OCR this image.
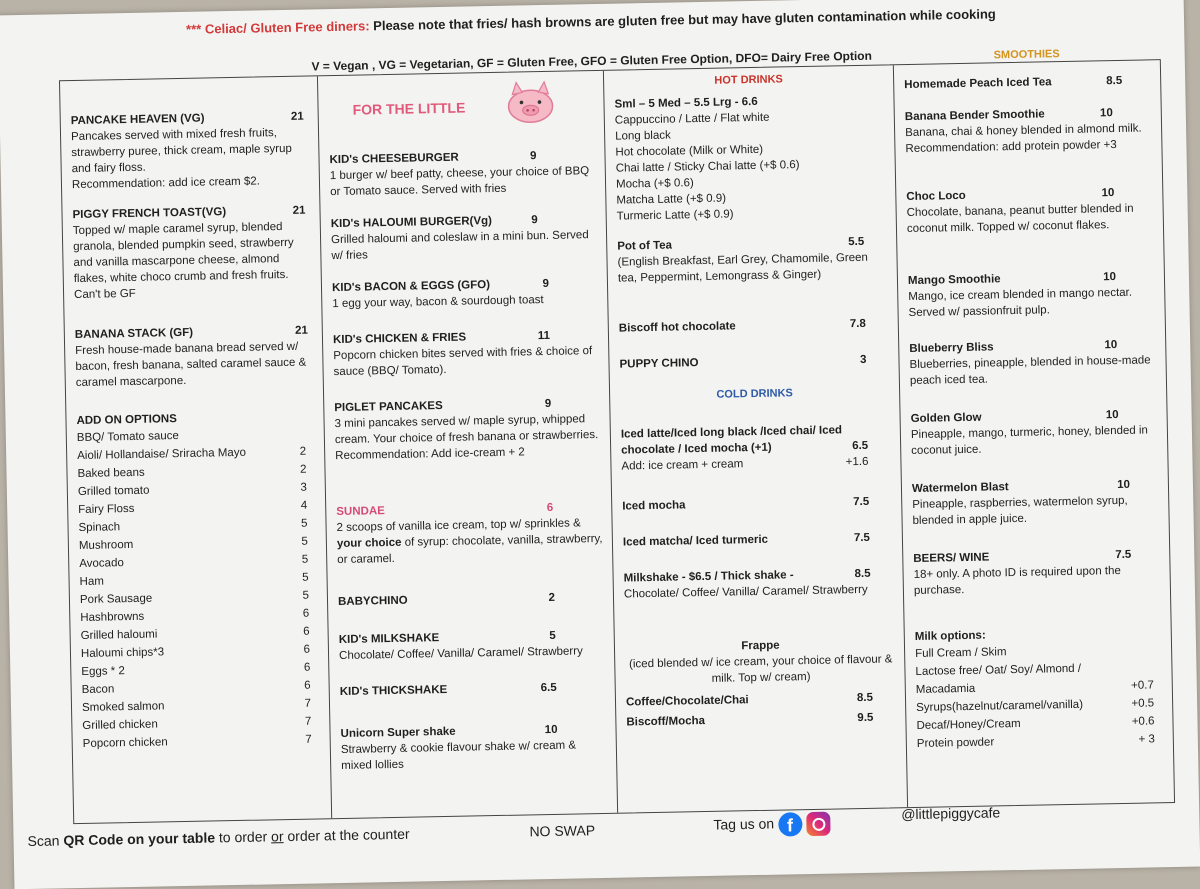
*** Celiac/ Gluten Free diners: Please note that fries/ hash browns are gluten free but may have gluten contamination while cooking
V = Vegan , VG = Vegetarian, GF = Gluten Free, GFO = Gluten Free Option, DFO= Dairy Free Option
PANCAKE HEAVEN (VG)	21
Pancakes served with mixed fresh fruits, strawberry puree, thick cream, maple syrup and fairy floss.
Recommendation: add ice cream $2.
PIGGY FRENCH TOAST(VG)	21
Topped w/ maple caramel syrup, blended granola, blended pumpkin seed, strawberry and vanilla mascarpone cheese, almond flakes, white choco crumb and fresh fruits.
Can't be GF
BANANA STACK (GF)	21
Fresh house-made banana bread served w/ bacon, fresh banana, salted caramel sauce & caramel mascarpone.
ADD ON OPTIONS
BBQ/ Tomato sauce
Aioli/ Hollandaise/ Sriracha Mayo	2
Baked beans	2
Grilled tomato	3
Fairy Floss	4
Spinach	5
Mushroom	5
Avocado	5
Ham	5
Pork Sausage	5
Hashbrowns	6
Grilled haloumi	6
Haloumi chips*3	6
Eggs * 2	6
Bacon	6
Smoked salmon	7
Grilled chicken	7
Popcorn chicken	7
FOR THE LITTLE
KID's CHEESEBURGER	9
1 burger w/ beef patty, cheese, your choice of BBQ or Tomato sauce. Served with fries
KID's HALOUMI BURGER(Vg)	9
Grilled haloumi and coleslaw in a mini bun. Served w/ fries
KID's BACON & EGGS (GFO)	9
1 egg your way, bacon & sourdough toast
KID's CHICKEN & FRIES	11
Popcorn chicken bites served with fries & choice of sauce (BBQ/ Tomato).
PIGLET PANCAKES	9
3 mini pancakes served w/ maple syrup, whipped cream. Your choice of fresh banana or strawberries. Recommendation: Add ice-cream + 2
SUNDAE	6
2 scoops of vanilla ice cream, top w/ sprinkles & your choice of syrup: chocolate, vanilla, strawberry, or caramel.
BABYCHINO	2
KID's MILKSHAKE	5
Chocolate/ Coffee/ Vanilla/ Caramel/ Strawberry
KID's THICKSHAKE	6.5
Unicorn Super shake	10
Strawberry & cookie flavour shake w/ cream & mixed lollies
HOT DRINKS
Sml – 5 Med – 5.5 Lrg - 6.6
Cappuccino / Latte / Flat white
Long black
Hot chocolate (Milk or White)
Chai latte / Sticky Chai latte (+$ 0.6)
Mocha (+$ 0.6)
Matcha Latte (+$ 0.9)
Turmeric Latte (+$ 0.9)
Pot of Tea	5.5
(English Breakfast, Earl Grey, Chamomile, Green tea, Peppermint, Lemongrass & Ginger)
Biscoff hot chocolate	7.8
PUPPY CHINO	3
COLD DRINKS
Iced latte/Iced long black /Iced chai/ Iced chocolate / Iced mocha (+1)	6.5
Add: ice cream + cream	+1.6
Iced mocha	7.5
Iced matcha/ Iced turmeric	7.5
Milkshake - $6.5 / Thick shake -	8.5
Chocolate/ Coffee/ Vanilla/ Caramel/ Strawberry
Frappe
(iced blended w/ ice cream, your choice of flavour & milk. Top w/ cream)
Coffee/Chocolate/Chai	8.5
Biscoff/Mocha	9.5
SMOOTHIES
Homemade Peach Iced Tea	8.5
Banana Bender Smoothie	10
Banana, chai & honey blended in almond milk.
Recommendation: add protein powder +3
Choc Loco	10
Chocolate, banana, peanut butter blended in coconut milk. Topped w/ coconut flakes.
Mango Smoothie	10
Mango, ice cream blended in mango nectar. Served w/ passionfruit pulp.
Blueberry Bliss	10
Blueberries, pineapple, blended in house-made peach iced tea.
Golden Glow	10
Pineapple, mango, turmeric, honey, blended in coconut juice.
Watermelon Blast	10
Pineapple, raspberries, watermelon syrup, blended in apple juice.
BEERS/ WINE	7.5
18+ only. A photo ID is required upon the purchase.
Milk options:
Full Cream / Skim
Lactose free/ Oat/ Soy/ Almond /
Macadamia	+0.7
Syrups(hazelnut/caramel/vanilla)	+0.5
Decaf/Honey/Cream	+0.6
Protein powder	+ 3
Scan QR Code on your table to order or order at the counter	NO SWAP	Tag us on f
@littlepiggycafe
